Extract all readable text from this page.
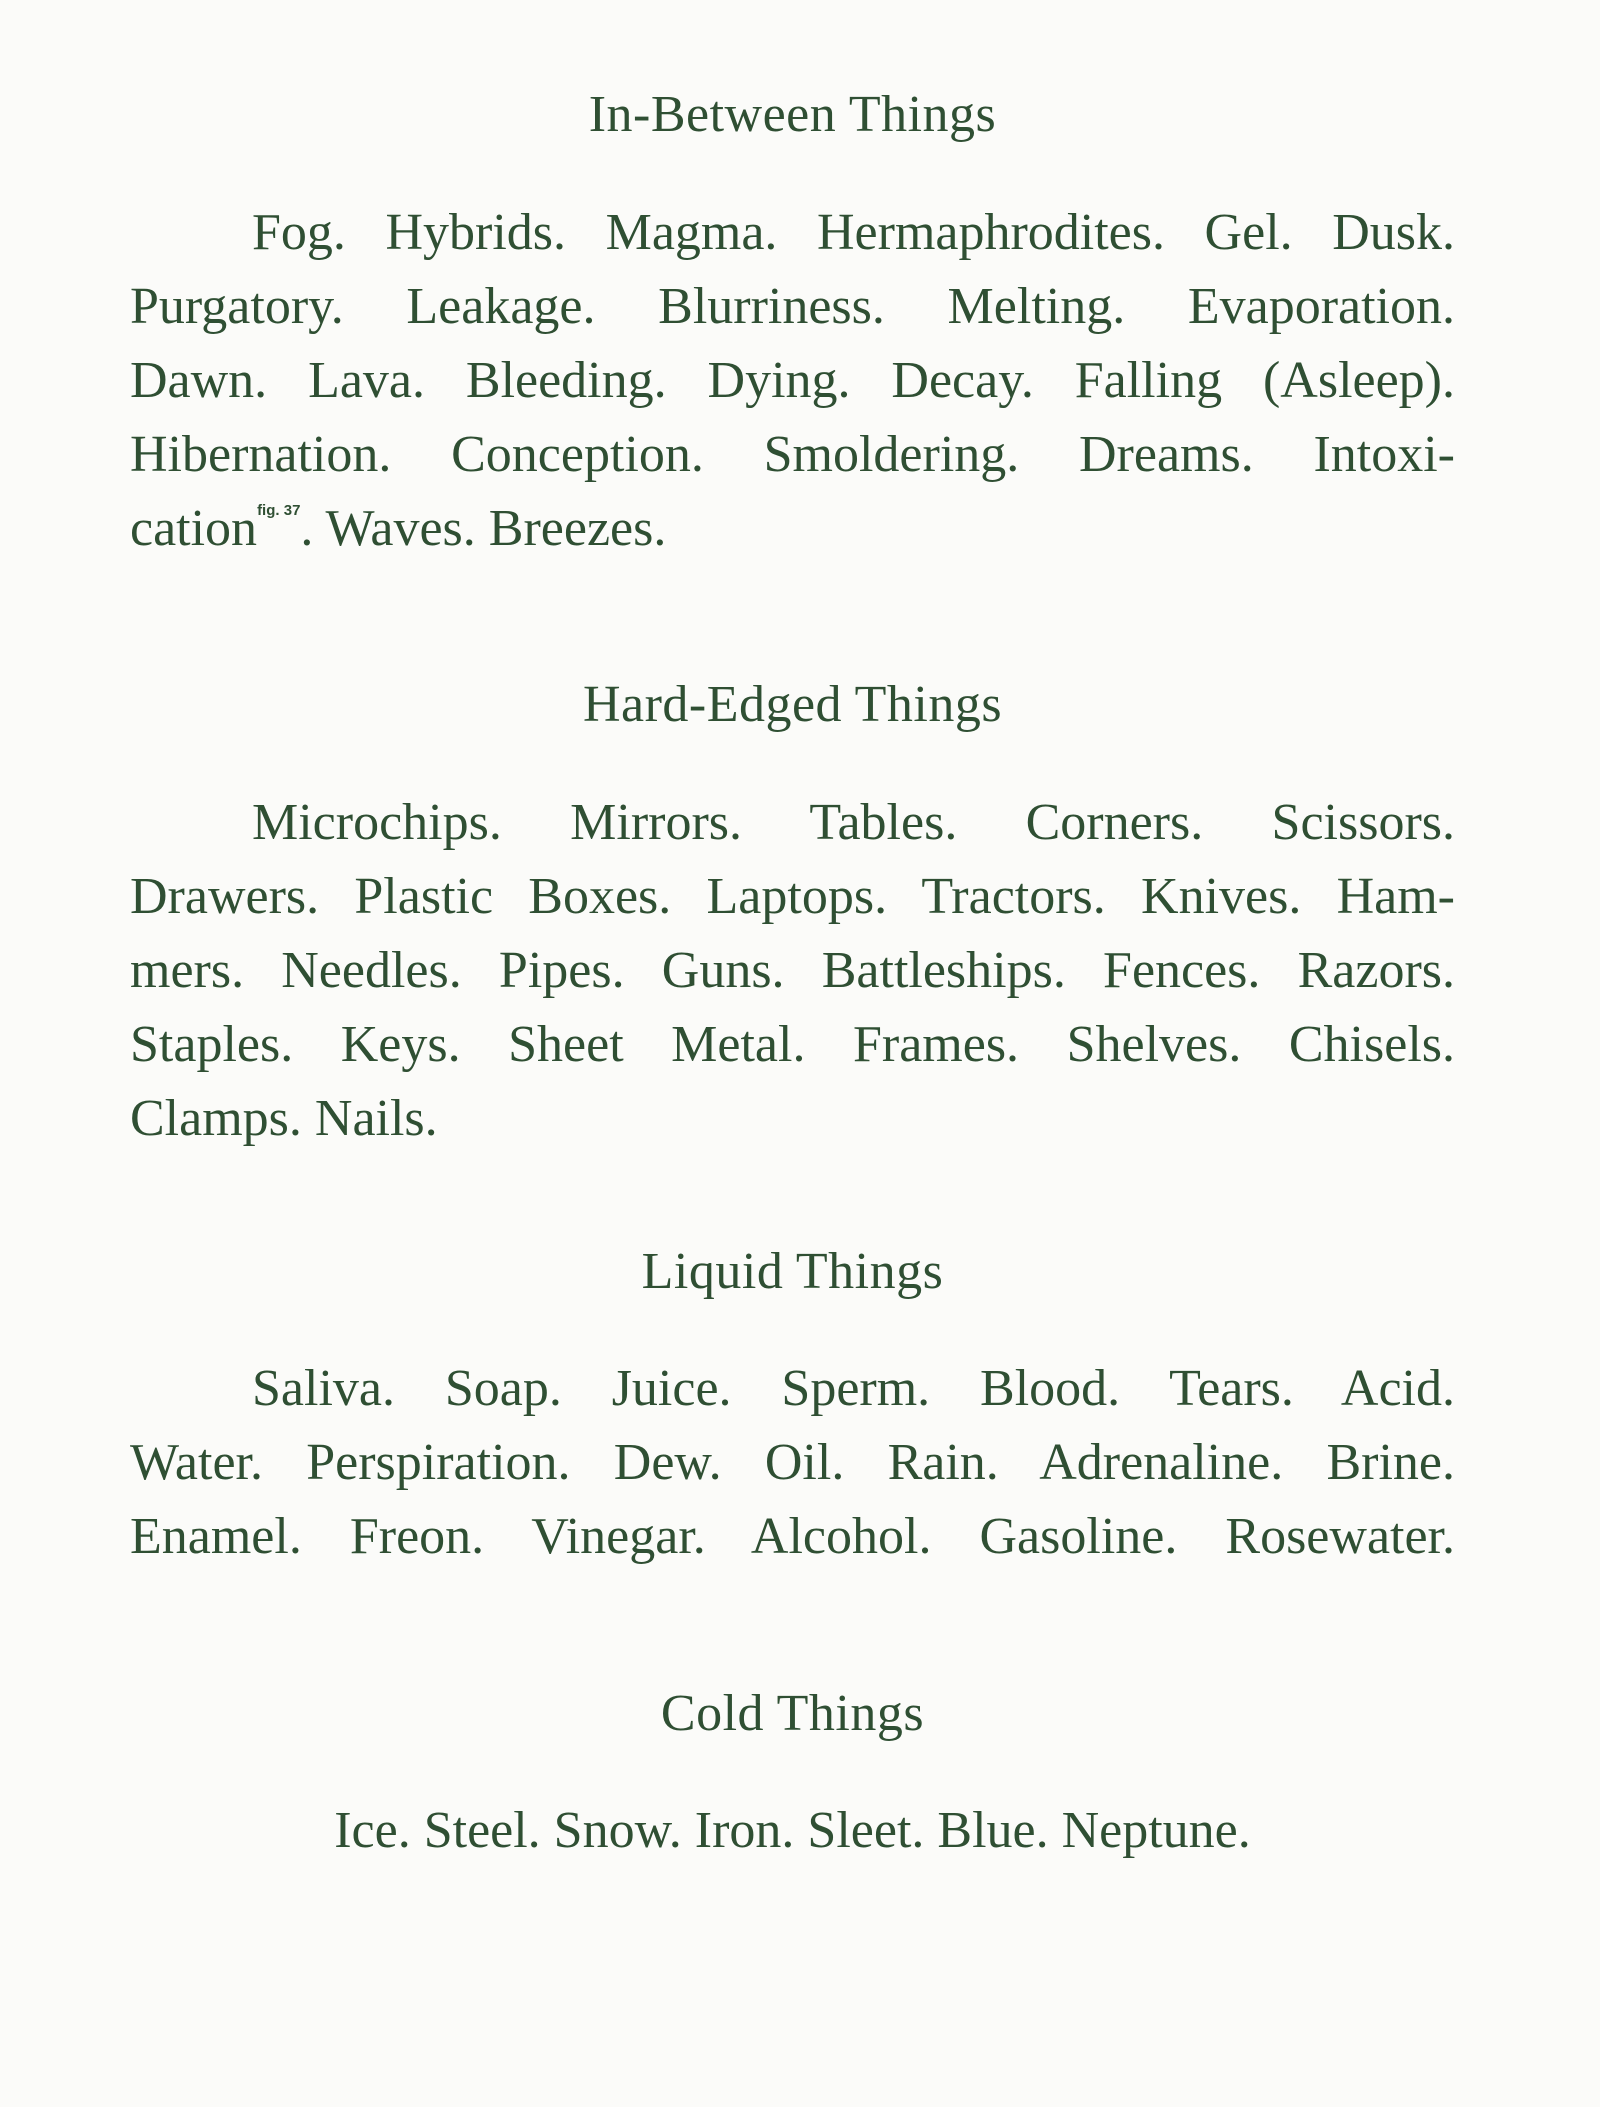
In-Between Things
Fog. Hybrids. Magma. Hermaphrodites. Gel. Dusk.
Purgatory. Leakage. Blurriness. Melting. Evaporation.
Dawn. Lava. Bleeding. Dying. Decay. Falling (Asleep).
Hibernation. Conception. Smoldering. Dreams. Intoxi-
cation$^{fig. 37}$. Waves. Breezes.
Hard-Edged Things
Microchips. Mirrors. Tables. Corners. Scissors.
Drawers. Plastic Boxes. Laptops. Tractors. Knives. Ham-
mers. Needles. Pipes. Guns. Battleships. Fences. Razors.
Staples. Keys. Sheet Metal. Frames. Shelves. Chisels.
Clamps. Nails.
Liquid Things
Saliva. Soap. Juice. Sperm. Blood. Tears. Acid.
Water. Perspiration. Dew. Oil. Rain. Adrenaline. Brine.
Enamel. Freon. Vinegar. Alcohol. Gasoline. Rosewater.
Cold Things
Ice. Steel. Snow. Iron. Sleet. Blue. Neptune.
